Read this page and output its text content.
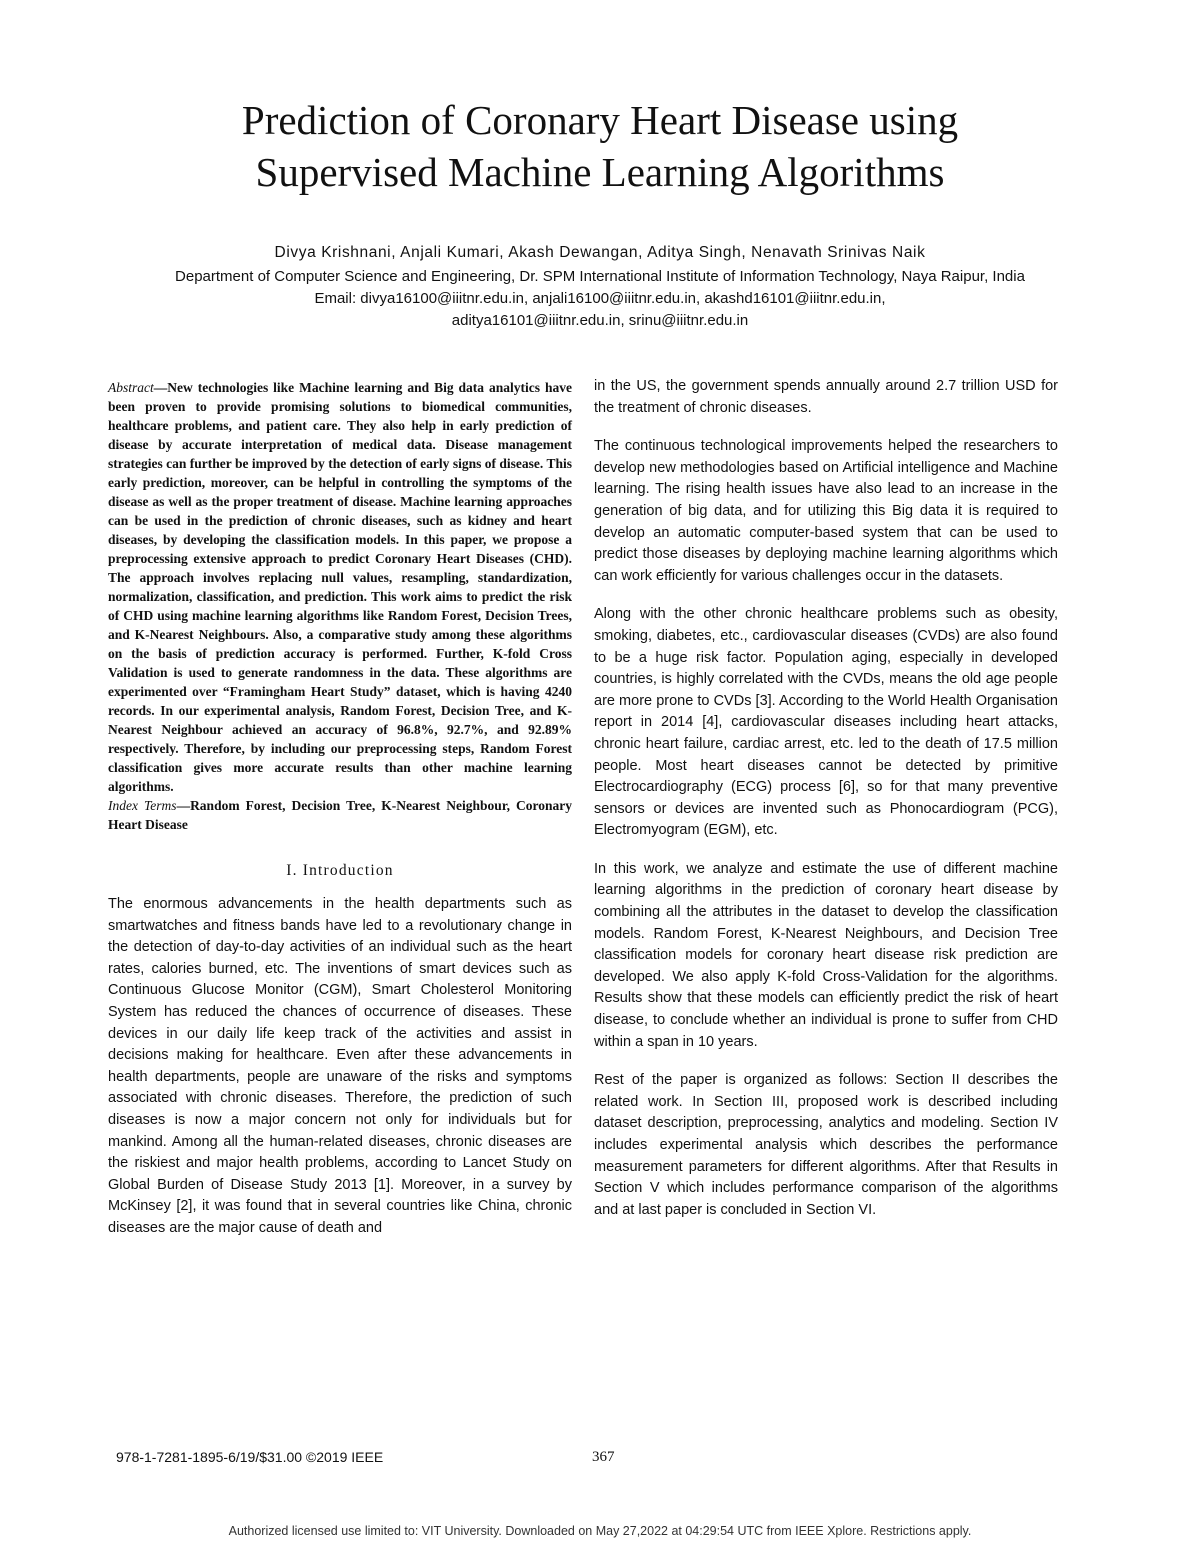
Prediction of Coronary Heart Disease using
Supervised Machine Learning Algorithms
Divya Krishnani, Anjali Kumari, Akash Dewangan, Aditya Singh, Nenavath Srinivas Naik
Department of Computer Science and Engineering, Dr. SPM International Institute of Information Technology, Naya Raipur, India
Email: divya16100@iiitnr.edu.in, anjali16100@iiitnr.edu.in, akashd16101@iiitnr.edu.in,
aditya16101@iiitnr.edu.in, srinu@iiitnr.edu.in

Abstract—New technologies like Machine learning and Big data analytics have been proven to provide promising solutions to biomedical communities, healthcare problems, and patient care. They also help in early prediction of disease by accurate interpretation of medical data. Disease management strategies can further be improved by the detection of early signs of disease. This early prediction, moreover, can be helpful in controlling the symptoms of the disease as well as the proper treatment of disease. Machine learning approaches can be used in the prediction of chronic diseases, such as kidney and heart diseases, by developing the classification models. In this paper, we propose a preprocessing extensive approach to predict Coronary Heart Diseases (CHD). The approach involves replacing null values, resampling, standardization, normalization, classification, and prediction. This work aims to predict the risk of CHD using machine learning algorithms like Random Forest, Decision Trees, and K-Nearest Neighbours. Also, a comparative study among these algorithms on the basis of prediction accuracy is performed. Further, K-fold Cross Validation is used to generate randomness in the data. These algorithms are experimented over “Framingham Heart Study” dataset, which is having 4240 records. In our experimental analysis, Random Forest, Decision Tree, and K- Nearest Neighbour achieved an accuracy of 96.8%, 92.7%, and 92.89% respectively. Therefore, by including our preprocessing steps, Random Forest classification gives more accurate results than other machine learning algorithms.

Index Terms—Random Forest, Decision Tree, K-Nearest Neighbour, Coronary Heart Disease

I. Introduction

The enormous advancements in the health departments such as smartwatches and fitness bands have led to a revolutionary change in the detection of day-to-day activities of an individual such as the heart rates, calories burned, etc. The inventions of smart devices such as Continuous Glucose Monitor (CGM), Smart Cholesterol Monitoring System has reduced the chances of occurrence of diseases. These devices in our daily life keep track of the activities and assist in decisions making for healthcare. Even after these advancements in health departments, people are unaware of the risks and symptoms associated with chronic diseases. Therefore, the prediction of such diseases is now a major concern not only for individuals but for mankind. Among all the human-related diseases, chronic diseases are the riskiest and major health problems, according to Lancet Study on Global Burden of Disease Study 2013 [1]. Moreover, in a survey by McKinsey [2], it was found that in several countries like China, chronic diseases are the major cause of death and

in the US, the government spends annually around 2.7 trillion USD for the treatment of chronic diseases.

The continuous technological improvements helped the researchers to develop new methodologies based on Artificial intelligence and Machine learning. The rising health issues have also lead to an increase in the generation of big data, and for utilizing this Big data it is required to develop an automatic computer-based system that can be used to predict those diseases by deploying machine learning algorithms which can work efficiently for various challenges occur in the datasets.

Along with the other chronic healthcare problems such as obesity, smoking, diabetes, etc., cardiovascular diseases (CVDs) are also found to be a huge risk factor. Population aging, especially in developed countries, is highly correlated with the CVDs, means the old age people are more prone to CVDs [3]. According to the World Health Organisation report in 2014 [4], cardiovascular diseases including heart attacks, chronic heart failure, cardiac arrest, etc. led to the death of 17.5 million people. Most heart diseases cannot be detected by primitive Electrocardiography (ECG) process [6], so for that many preventive sensors or devices are invented such as Phonocardiogram (PCG), Electromyogram (EGM), etc.

In this work, we analyze and estimate the use of different machine learning algorithms in the prediction of coronary heart disease by combining all the attributes in the dataset to develop the classification models. Random Forest, K-Nearest Neighbours, and Decision Tree classification models for coronary heart disease risk prediction are developed. We also apply K-fold Cross-Validation for the algorithms. Results show that these models can efficiently predict the risk of heart disease, to conclude whether an individual is prone to suffer from CHD within a span in 10 years.

Rest of the paper is organized as follows: Section II describes the related work. In Section III, proposed work is described including dataset description, preprocessing, analytics and modeling. Section IV includes experimental analysis which describes the performance measurement parameters for different algorithms. After that Results in Section V which includes performance comparison of the algorithms and at last paper is concluded in Section VI.

978-1-7281-1895-6/19/$31.00 ©2019 IEEE	367
Authorized licensed use limited to: VIT University. Downloaded on May 27,2022 at 04:29:54 UTC from IEEE Xplore. Restrictions apply.
